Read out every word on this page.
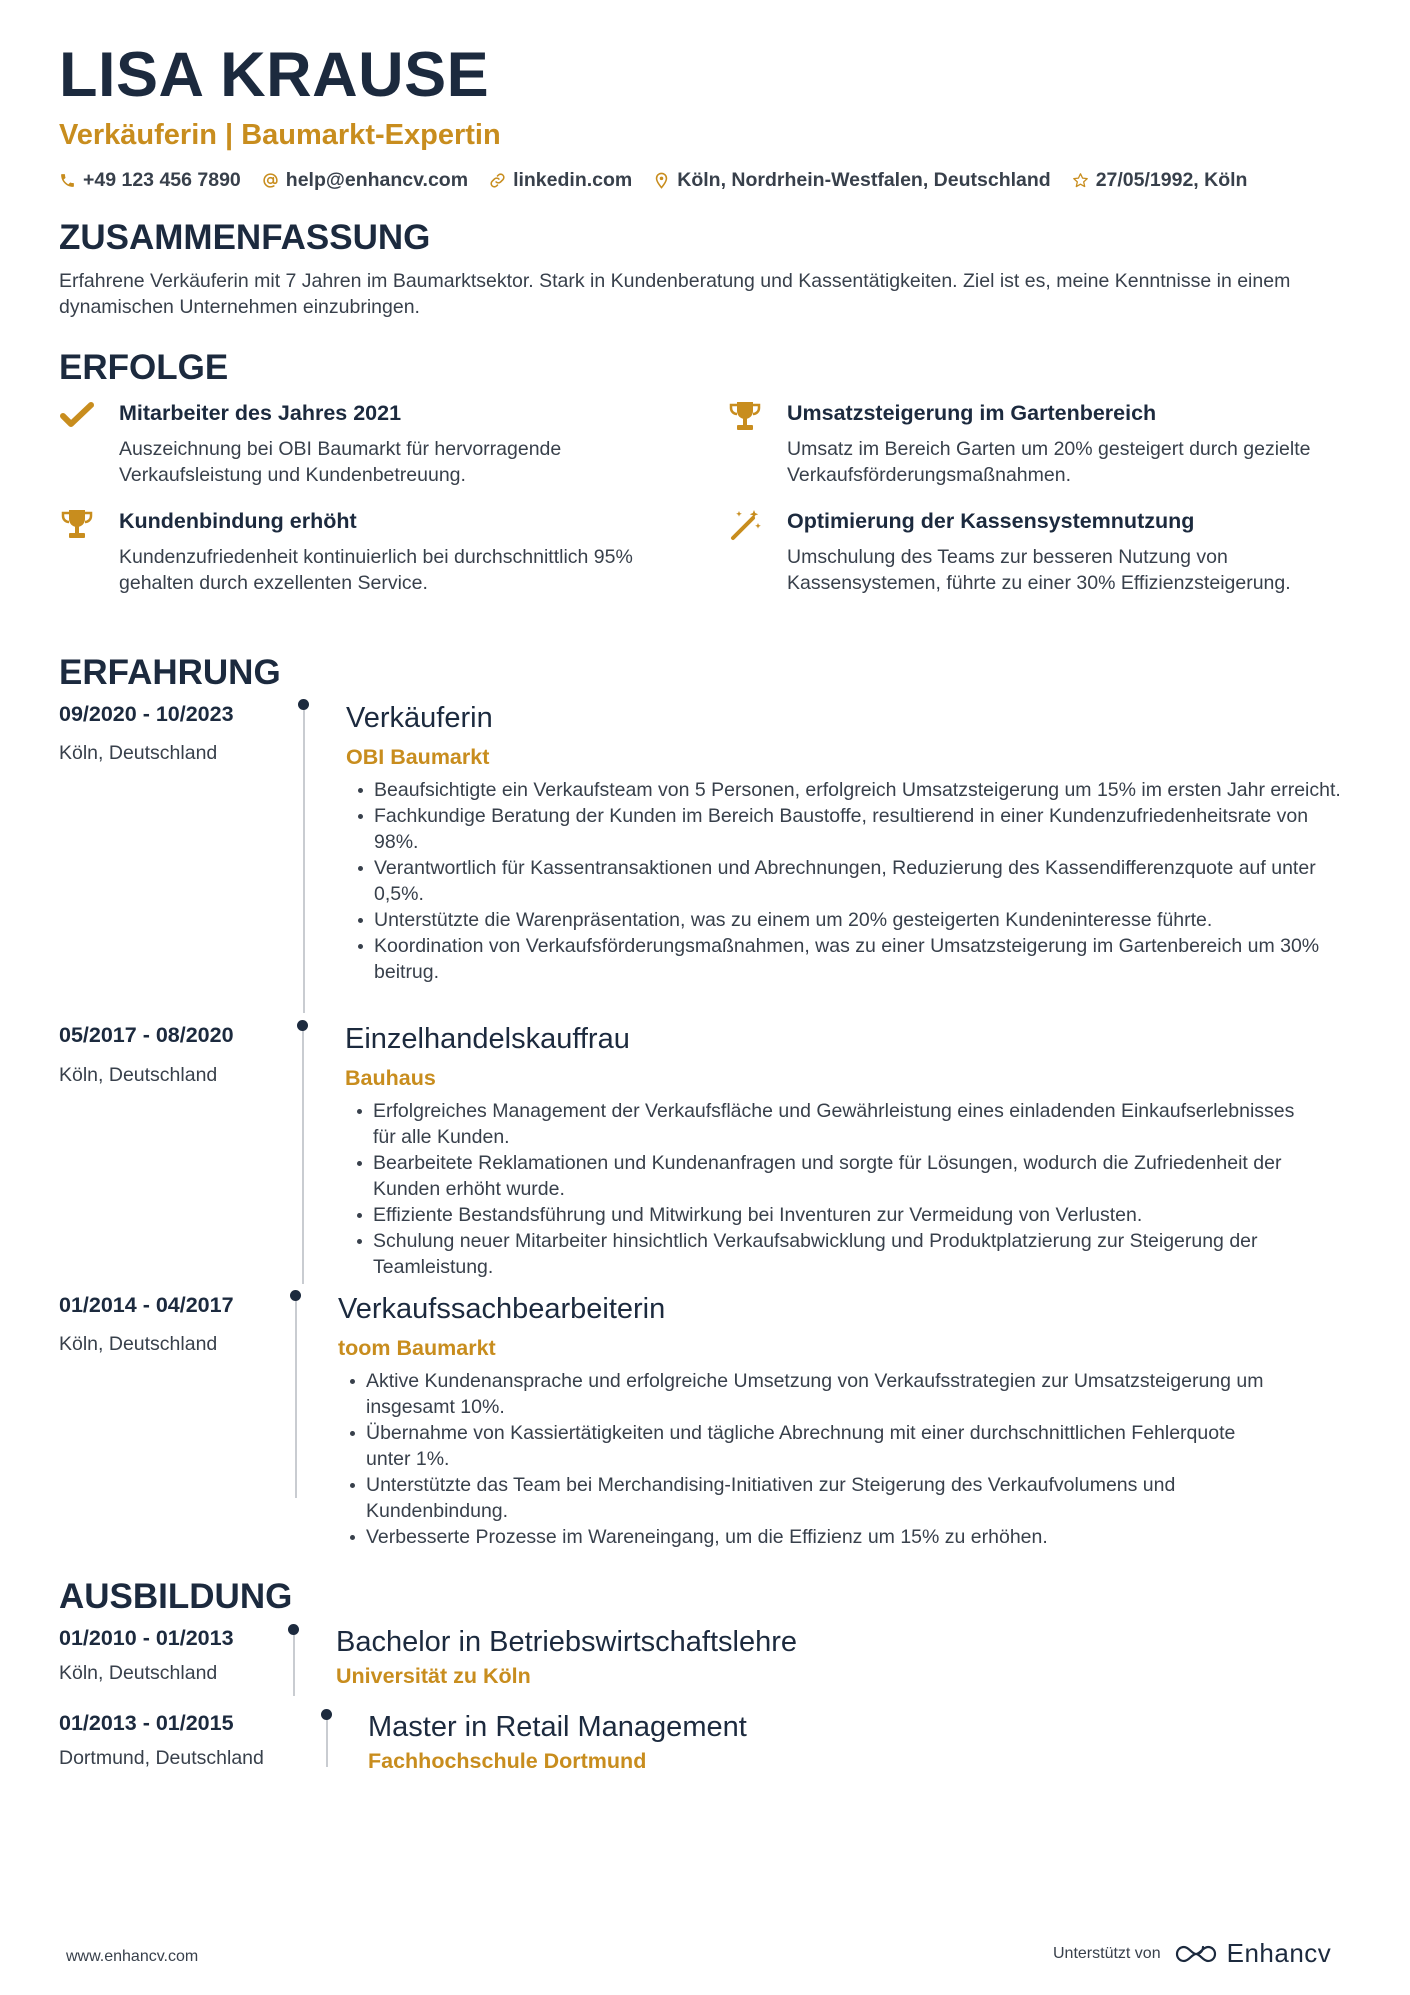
LISA KRAUSE
Verkäuferin | Baumarkt-Expertin
+49 123 456 7890 help@enhancv.com linkedin.com Köln, Nordrhein-Westfalen, Deutschland 27/05/1992, Köln
ZUSAMMENFASSUNG
Erfahrene Verkäuferin mit 7 Jahren im Baumarktsektor. Stark in Kundenberatung und Kassentätigkeiten. Ziel ist es, meine Kenntnisse in einem dynamischen Unternehmen einzubringen.
ERFOLGE
Mitarbeiter des Jahres 2021
Auszeichnung bei OBI Baumarkt für hervorragende Verkaufsleistung und Kundenbetreuung.
Umsatzsteigerung im Gartenbereich
Umsatz im Bereich Garten um 20% gesteigert durch gezielte Verkaufsförderungsmaßnahmen.
Kundenbindung erhöht
Kundenzufriedenheit kontinuierlich bei durchschnittlich 95% gehalten durch exzellenten Service.
Optimierung der Kassensystemnutzung
Umschulung des Teams zur besseren Nutzung von Kassensystemen, führte zu einer 30% Effizienzsteigerung.
ERFAHRUNG
09/2020 - 10/2023
Köln, Deutschland
Verkäuferin
OBI Baumarkt
Beaufsichtigte ein Verkaufsteam von 5 Personen, erfolgreich Umsatzsteigerung um 15% im ersten Jahr erreicht.
Fachkundige Beratung der Kunden im Bereich Baustoffe, resultierend in einer Kundenzufriedenheitsrate von 98%.
Verantwortlich für Kassentransaktionen und Abrechnungen, Reduzierung des Kassendifferenzquote auf unter 0,5%.
Unterstützte die Warenpräsentation, was zu einem um 20% gesteigerten Kundeninteresse führte.
Koordination von Verkaufsförderungsmaßnahmen, was zu einer Umsatzsteigerung im Gartenbereich um 30% beitrug.
05/2017 - 08/2020
Köln, Deutschland
Einzelhandelskauffrau
Bauhaus
Erfolgreiches Management der Verkaufsfläche und Gewährleistung eines einladenden Einkaufserlebnisses für alle Kunden.
Bearbeitete Reklamationen und Kundenanfragen und sorgte für Lösungen, wodurch die Zufriedenheit der Kunden erhöht wurde.
Effiziente Bestandsführung und Mitwirkung bei Inventuren zur Vermeidung von Verlusten.
Schulung neuer Mitarbeiter hinsichtlich Verkaufsabwicklung und Produktplatzierung zur Steigerung der Teamleistung.
01/2014 - 04/2017
Köln, Deutschland
Verkaufssachbearbeiterin
toom Baumarkt
Aktive Kundenansprache und erfolgreiche Umsetzung von Verkaufsstrategien zur Umsatzsteigerung um insgesamt 10%.
Übernahme von Kassiertätigkeiten und tägliche Abrechnung mit einer durchschnittlichen Fehlerquote unter 1%.
Unterstützte das Team bei Merchandising-Initiativen zur Steigerung des Verkaufvolumens und Kundenbindung.
Verbesserte Prozesse im Wareneingang, um die Effizienz um 15% zu erhöhen.
AUSBILDUNG
01/2010 - 01/2013
Köln, Deutschland
Bachelor in Betriebswirtschaftslehre
Universität zu Köln
01/2013 - 01/2015
Dortmund, Deutschland
Master in Retail Management
Fachhochschule Dortmund
www.enhancv.com	Unterstützt von	Enhancv
